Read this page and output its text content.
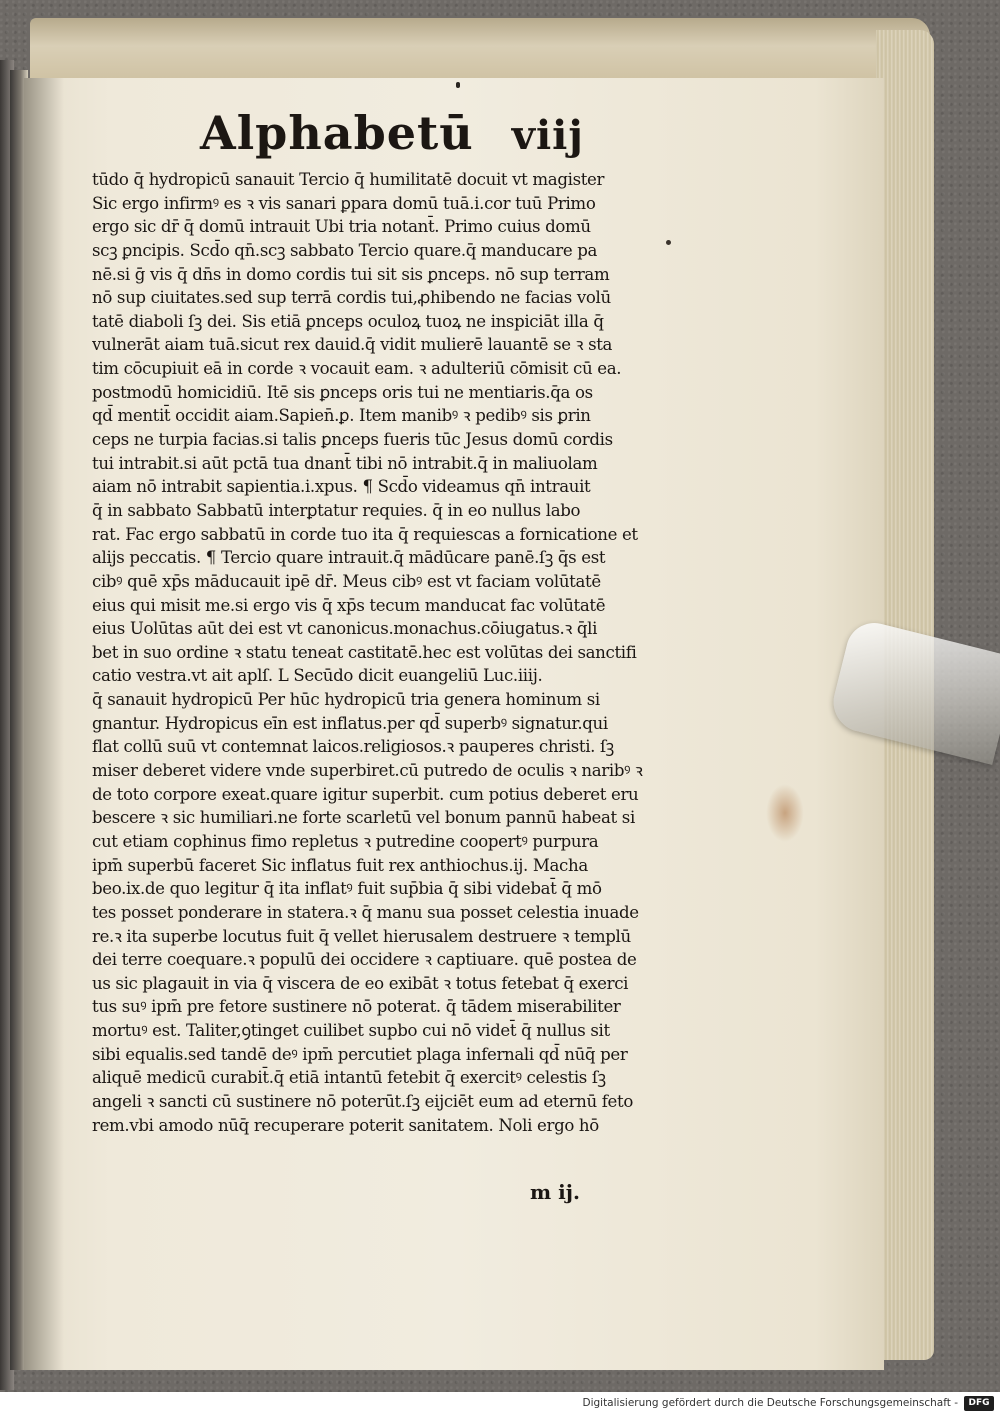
Alphabetū viij
tūdo q̄ hydropicū sanauit Tercio q̄ humilitatē docuit vt magister
Sic ergo infirmꝰ es ꝛ vis sanari ꝑpara domū tuā.i.cor tuū Primo
ergo sic dr̄ q̄ domū intrauit Ubi tria notant̄. Primo cuius domū
scꝫ ꝑncipis. Scd̄o qn̄.scꝫ sabbato Tercio quare.q̄ manducare pa
nē.si ḡ vis q̄ dn̄s in domo cordis tui sit sis ꝑnceps. nō sup terram
nō sup ciuitates.sed sup terrā cordis tui,ꝓhibendo ne facias volū
tatē diaboli ſꝫ dei. Sis etiā ꝑnceps oculoꝝ tuoꝝ ne inspiciāt illa q̄
vulnerāt aiam tuā.sicut rex dauid.q̄ vidit mulierē lauantē se ꝛ sta
tim cōcupiuit eā in corde ꝛ vocauit eam. ꝛ adulteriū cōmisit cū ea.
postmodū homicidiū. Itē sis ꝑnceps oris tui ne mentiaris.q̄a os
qd̄ mentit̄ occidit aiam.Sapien̄.ꝑ. Item manibꝰ ꝛ pedibꝰ sis ꝑrin
ceps ne turpia facias.si talis ꝑnceps fueris tūc Jesus domū cordis
tui intrabit.si aūt pctā tua dnant̄ tibi nō intrabit.q̄ in maliuolam
aiam nō intrabit sapientia.i.xpus. ¶ Scd̄o videamus qn̄ intrauit
q̄ in sabbato Sabbatū interꝑtatur requies. q̄ in eo nullus labo
rat. Fac ergo sabbatū in corde tuo ita q̄ requiescas a fornicatione et
alijs peccatis. ¶ Tercio quare intrauit.q̄ mādūcare panē.ſꝫ q̄s est
cibꝰ quē xp̄s māducauit ipē dr̄. Meus cibꝰ est vt faciam volūtatē
eius qui misit me.si ergo vis q̄ xp̄s tecum manducat fac volūtatē
eius Uolūtas aūt dei est vt canonicus.monachus.cōiugatus.ꝛ q̄li
bet in suo ordine ꝛ statu teneat castitatē.hec est volūtas dei sanctifi
catio vestra.vt ait aplſ. L Secūdo dicit euangeliū Luc.iiij.
q̄ sanauit hydropicū Per hūc hydropicū tria genera hominum si
gnantur. Hydropicus eīn est inflatus.per qd̄ superbꝰ signatur.qui
flat collū suū vt contemnat laicos.religiosos.ꝛ pauperes christi. ſꝫ
miser deberet videre vnde superbiret.cū putredo de oculis ꝛ naribꝰ ꝛ
de toto corpore exeat.quare igitur superbit. cum potius deberet eru
bescere ꝛ sic humiliari.ne forte scarletū vel bonum pannū habeat si
cut etiam cophinus fimo repletus ꝛ putredine coopertꝰ purpura
ipm̄ superbū faceret Sic inflatus fuit rex anthiochus.ij. Macha
beo.ix.de quo legitur q̄ ita inflatꝰ fuit sup̄bia q̄ sibi videbat̄ q̄ mō
tes posset ponderare in statera.ꝛ q̄ manu sua posset celestia inuade
re.ꝛ ita superbe locutus fuit q̄ vellet hierusalem destruere ꝛ templū
dei terre coequare.ꝛ populū dei occidere ꝛ captiuare. quē postea de
us sic plagauit in via q̄ viscera de eo exibāt ꝛ totus fetebat q̄ exerci
tus suꝰ ipm̄ pre fetore sustinere nō poterat. q̄ tādem miserabiliter
mortuꝰ est. Taliter,ꝯtinget cuilibet supbo cui nō videt̄ q̄ nullus sit
sibi equalis.sed tandē deꝰ ipm̄ percutiet plaga infernali qd̄ nūq̄ per
aliquē medicū curabit̄.q̄ etiā intantū fetebit q̄ exercitꝰ celestis ſꝫ
angeli ꝛ sancti cū sustinere nō poterūt.ſꝫ eijciēt eum ad eternū feto
rem.vbi amodo nūq̄ recuperare poterit sanitatem. Noli ergo hō
m ij.
Digitalisierung gefördert durch die Deutsche Forschungsgemeinschaft -	DFG
